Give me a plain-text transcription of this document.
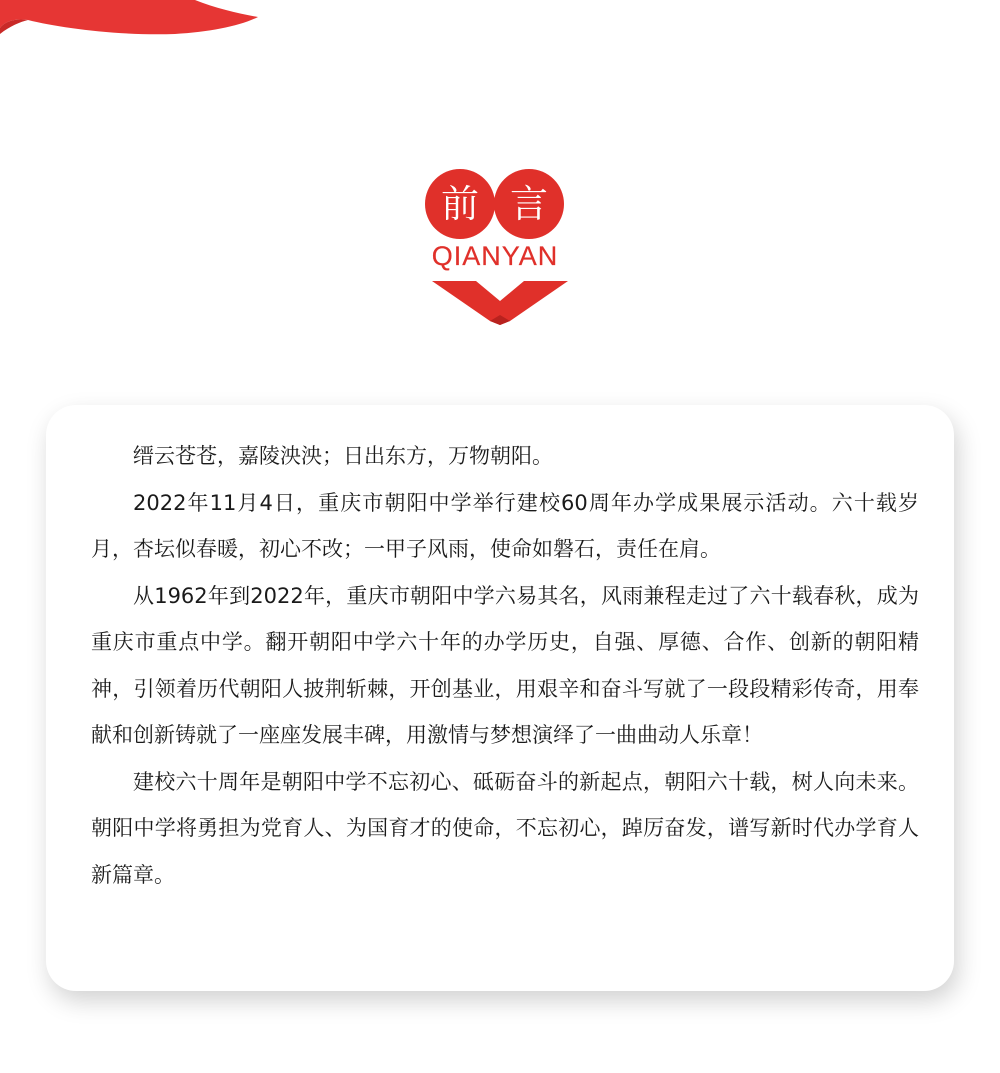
前 言
QIANYAN

缙云苍苍，嘉陵泱泱；日出东方，万物朝阳。

2022年11月4日，重庆市朝阳中学举行建校60周年办学成果展示活动。六十载岁月，杏坛似春暖，初心不改；一甲子风雨，使命如磐石，责任在肩。

从1962年到2022年，重庆市朝阳中学六易其名，风雨兼程走过了六十载春秋，成为重庆市重点中学。翻开朝阳中学六十年的办学历史，自强、厚德、合作、创新的朝阳精神，引领着历代朝阳人披荆斩棘，开创基业，用艰辛和奋斗写就了一段段精彩传奇，用奉献和创新铸就了一座座发展丰碑，用激情与梦想演绎了一曲曲动人乐章！

建校六十周年是朝阳中学不忘初心、砥砺奋斗的新起点，朝阳六十载，树人向未来。朝阳中学将勇担为党育人、为国育才的使命，不忘初心，踔厉奋发，谱写新时代办学育人新篇章。
